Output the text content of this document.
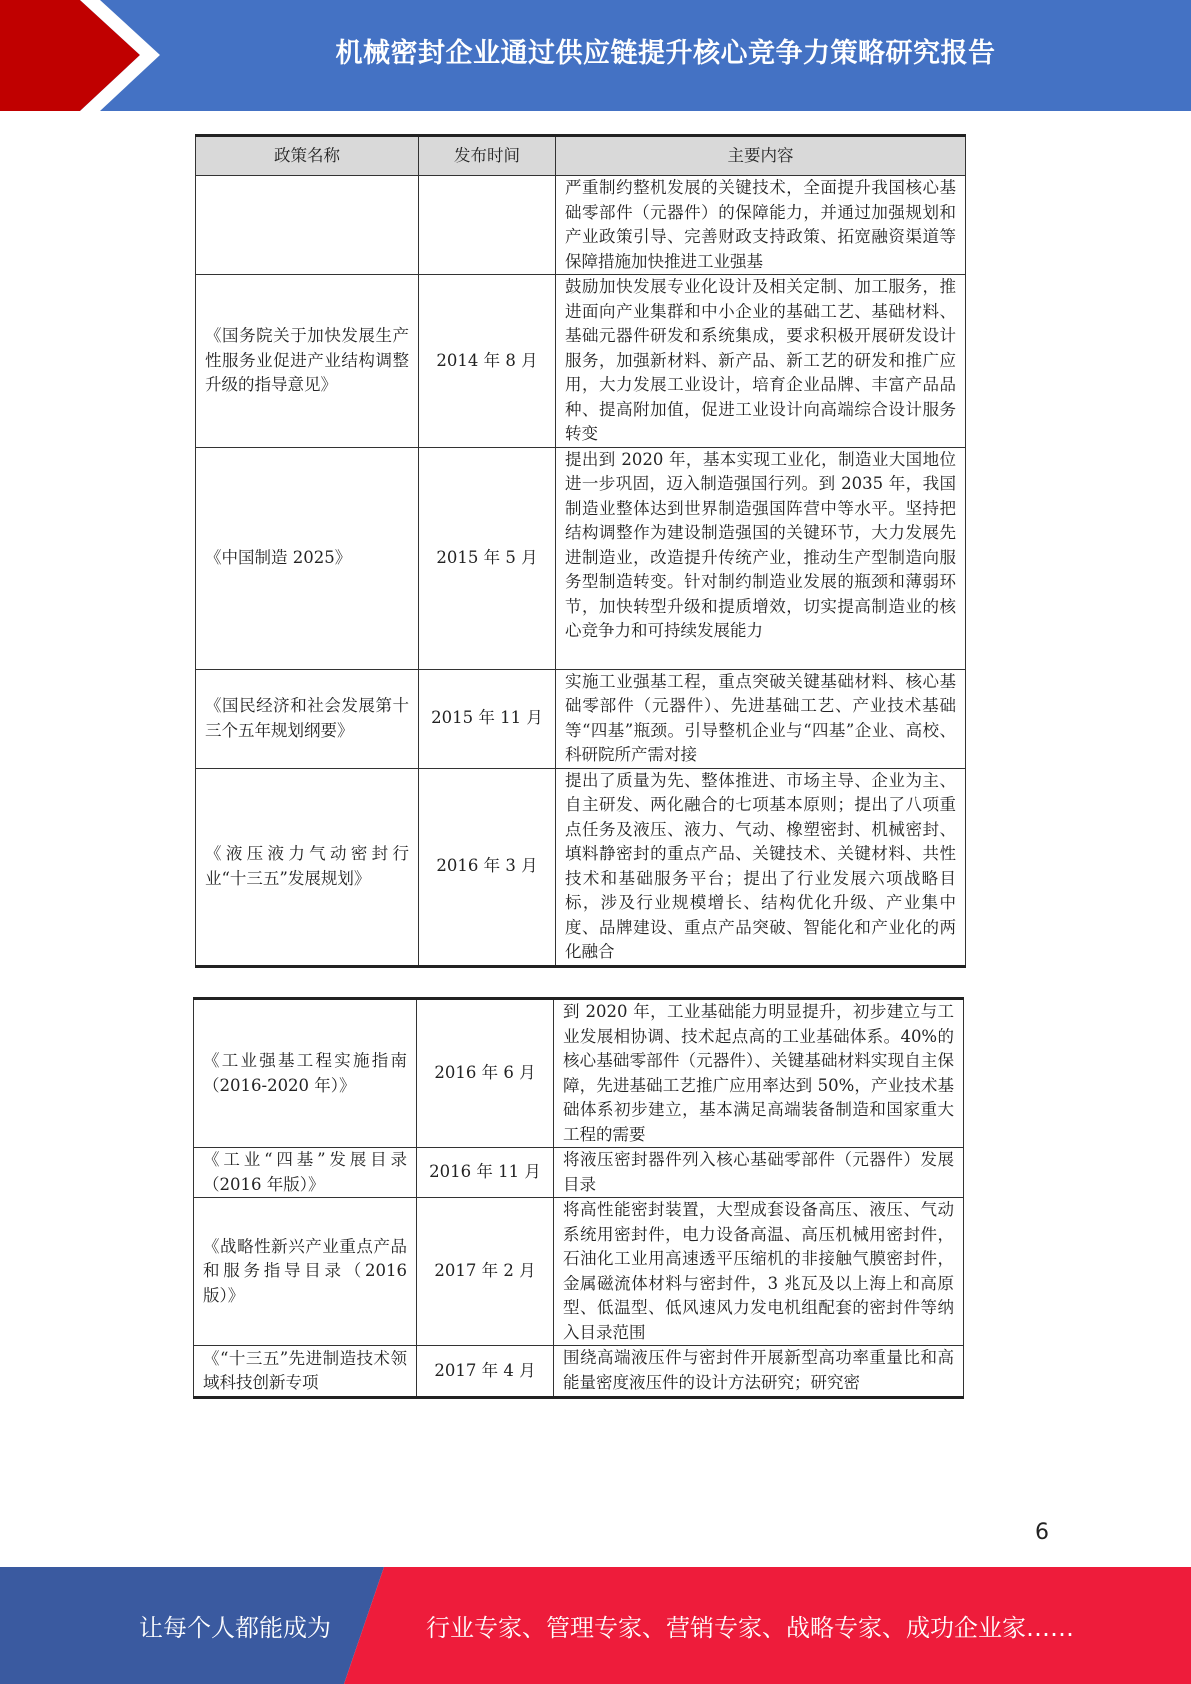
机械密封企业通过供应链提升核心竞争力策略研究报告
政策名称	发布时间	主要内容
		严重制约整机发展的关键技术，全面提升我国核心基础零部件（元器件）的保障能力，并通过加强规划和产业政策引导、完善财政支持政策、拓宽融资渠道等保障措施加快推进工业强基
《国务院关于加快发展生产性服务业促进产业结构调整升级的指导意见》	2014 年 8 月	鼓励加快发展专业化设计及相关定制、加工服务，推进面向产业集群和中小企业的基础工艺、基础材料、基础元器件研发和系统集成，要求积极开展研发设计服务，加强新材料、新产品、新工艺的研发和推广应用，大力发展工业设计，培育企业品牌、丰富产品品种、提高附加值，促进工业设计向高端综合设计服务转变
《中国制造 2025》	2015 年 5 月	提出到 2020 年，基本实现工业化，制造业大国地位进一步巩固，迈入制造强国行列。到 2035 年，我国制造业整体达到世界制造强国阵营中等水平。坚持把结构调整作为建设制造强国的关键环节，大力发展先进制造业，改造提升传统产业，推动生产型制造向服务型制造转变。针对制约制造业发展的瓶颈和薄弱环节，加快转型升级和提质增效，切实提高制造业的核心竞争力和可持续发展能力
《国民经济和社会发展第十三个五年规划纲要》	2015 年 11 月	实施工业强基工程，重点突破关键基础材料、核心基础零部件（元器件）、先进基础工艺、产业技术基础等“四基”瓶颈。引导整机企业与“四基”企业、高校、科研院所产需对接
《液压液力气动密封行业“十三五”发展规划》	2016 年 3 月	提出了质量为先、整体推进、市场主导、企业为主、自主研发、两化融合的七项基本原则；提出了八项重点任务及液压、液力、气动、橡塑密封、机械密封、填料静密封的重点产品、关键技术、关键材料、共性技术和基础服务平台；提出了行业发展六项战略目标，涉及行业规模增长、结构优化升级、产业集中度、品牌建设、重点产品突破、智能化和产业化的两化融合
《工业强基工程实施指南（2016-2020 年）》	2016 年 6 月	到 2020 年，工业基础能力明显提升，初步建立与工业发展相协调、技术起点高的工业基础体系。40%的核心基础零部件（元器件）、关键基础材料实现自主保障，先进基础工艺推广应用率达到 50%，产业技术基础体系初步建立，基本满足高端装备制造和国家重大工程的需要
《工业“四基”发展目录（2016 年版）》	2016 年 11 月	将液压密封器件列入核心基础零部件（元器件）发展目录
《战略性新兴产业重点产品和服务指导目录（2016 版）》	2017 年 2 月	将高性能密封装置，大型成套设备高压、液压、气动系统用密封件，电力设备高温、高压机械用密封件，石油化工业用高速透平压缩机的非接触气膜密封件，金属磁流体材料与密封件，3 兆瓦及以上海上和高原型、低温型、低风速风力发电机组配套的密封件等纳入目录范围
《“十三五”先进制造技术领域科技创新专项	2017 年 4 月	围绕高端液压件与密封件开展新型高功率重量比和高能量密度液压件的设计方法研究；研究密
6
让每个人都能成为	行业专家、管理专家、营销专家、战略专家、成功企业家……
